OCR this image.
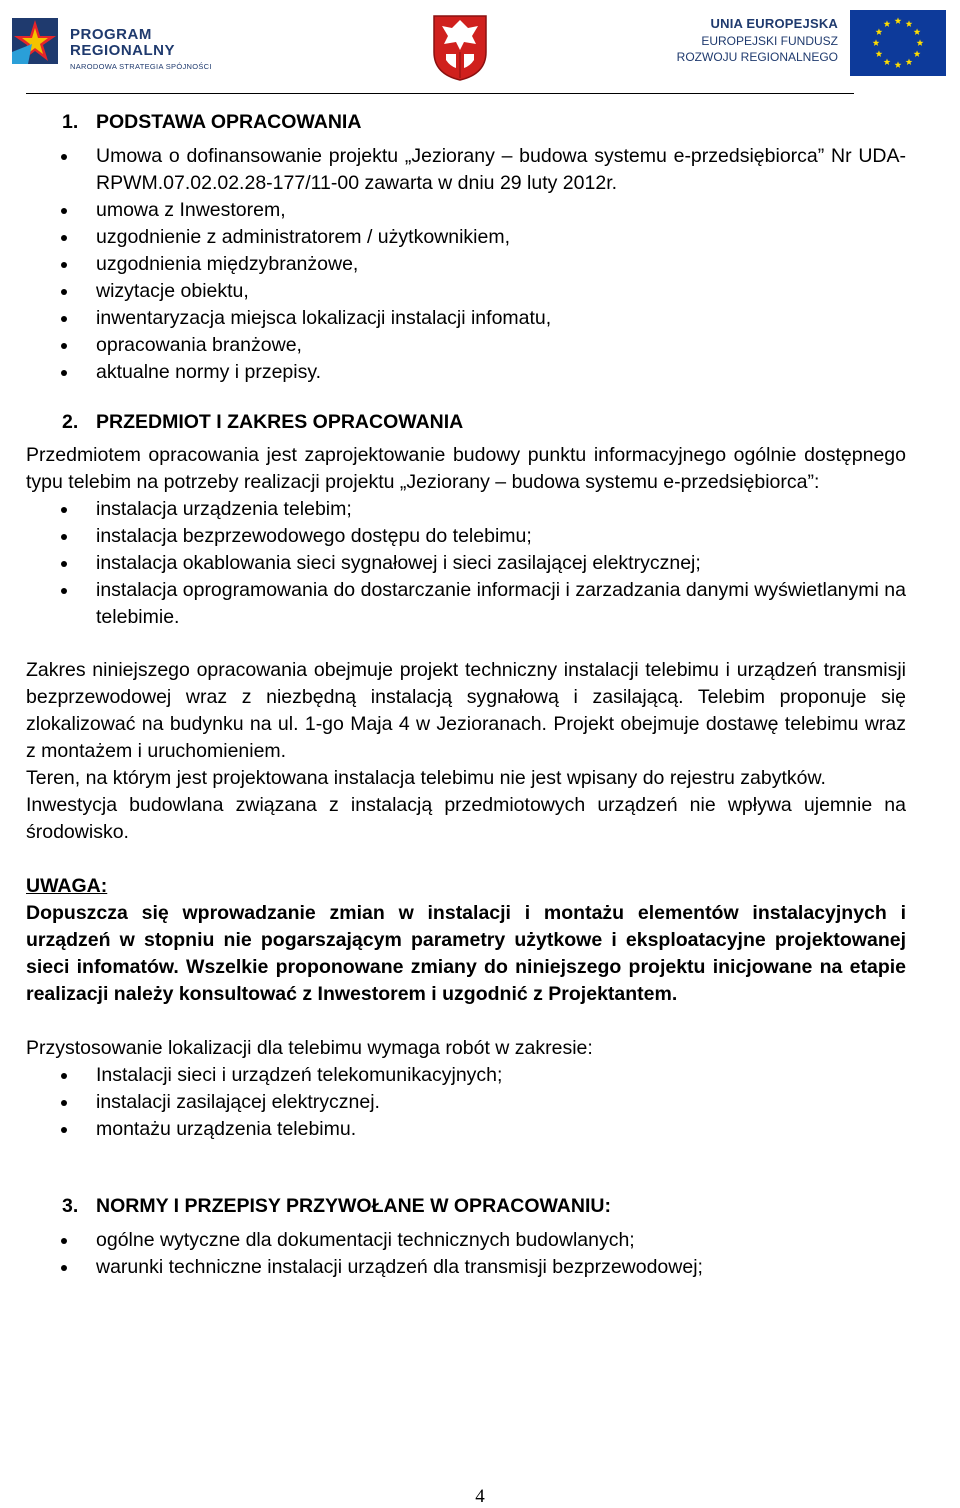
PROGRAM
REGIONALNY
NARODOWA STRATEGIA SPÓJNOŚCI
UNIA EUROPEJSKA
EUROPEJSKI FUNDUSZ
ROZWOJU REGIONALNEGO
1. PODSTAWA OPRACOWANIA
Umowa o dofinansowanie projektu „Jeziorany – budowa systemu e-przedsiębiorca” Nr UDA-RPWM.07.02.02.28-177/11-00 zawarta w dniu 29 luty 2012r.
umowa z Inwestorem,
uzgodnienie z administratorem / użytkownikiem,
uzgodnienia międzybranżowe,
wizytacje obiektu,
inwentaryzacja miejsca lokalizacji instalacji infomatu,
opracowania branżowe,
aktualne normy i przepisy.
2. PRZEDMIOT I ZAKRES OPRACOWANIA

Przedmiotem opracowania jest zaprojektowanie budowy punktu informacyjnego ogólnie dostępnego typu telebim na potrzeby realizacji projektu „Jeziorany – budowa systemu e-przedsiębiorca”:

instalacja urządzenia telebim;
instalacja bezprzewodowego dostępu do telebimu;
instalacja okablowania sieci sygnałowej i sieci zasilającej elektrycznej;
instalacja oprogramowania do dostarczanie informacji i zarzadzania danymi wyświetlanymi na telebimie.

Zakres niniejszego opracowania obejmuje projekt techniczny instalacji telebimu i urządzeń transmisji bezprzewodowej wraz z niezbędną instalacją sygnałową i zasilającą. Telebim proponuje się zlokalizować na budynku na ul. 1-go Maja 4 w Jezioranach. Projekt obejmuje dostawę telebimu wraz z montażem i uruchomieniem.

Teren, na którym jest projektowana instalacja telebimu nie jest wpisany do rejestru zabytków.

Inwestycja budowlana związana z instalacją przedmiotowych urządzeń nie wpływa ujemnie na środowisko.

UWAGA:

Dopuszcza się wprowadzanie zmian w instalacji i montażu elementów instalacyjnych i urządzeń w stopniu nie pogarszającym parametry użytkowe i eksploatacyjne projektowanej sieci infomatów. Wszelkie proponowane zmiany do niniejszego projektu inicjowane na etapie realizacji należy konsultować z Inwestorem i uzgodnić z Projektantem.

Przystosowanie lokalizacji dla telebimu wymaga robót w zakresie:

Instalacji sieci i urządzeń telekomunikacyjnych;
instalacji zasilającej elektrycznej.
montażu urządzenia telebimu.
3. NORMY I PRZEPISY PRZYWOŁANE W OPRACOWANIU:
ogólne wytyczne dla dokumentacji technicznych budowlanych;
warunki techniczne instalacji urządzeń dla transmisji bezprzewodowej;
4
